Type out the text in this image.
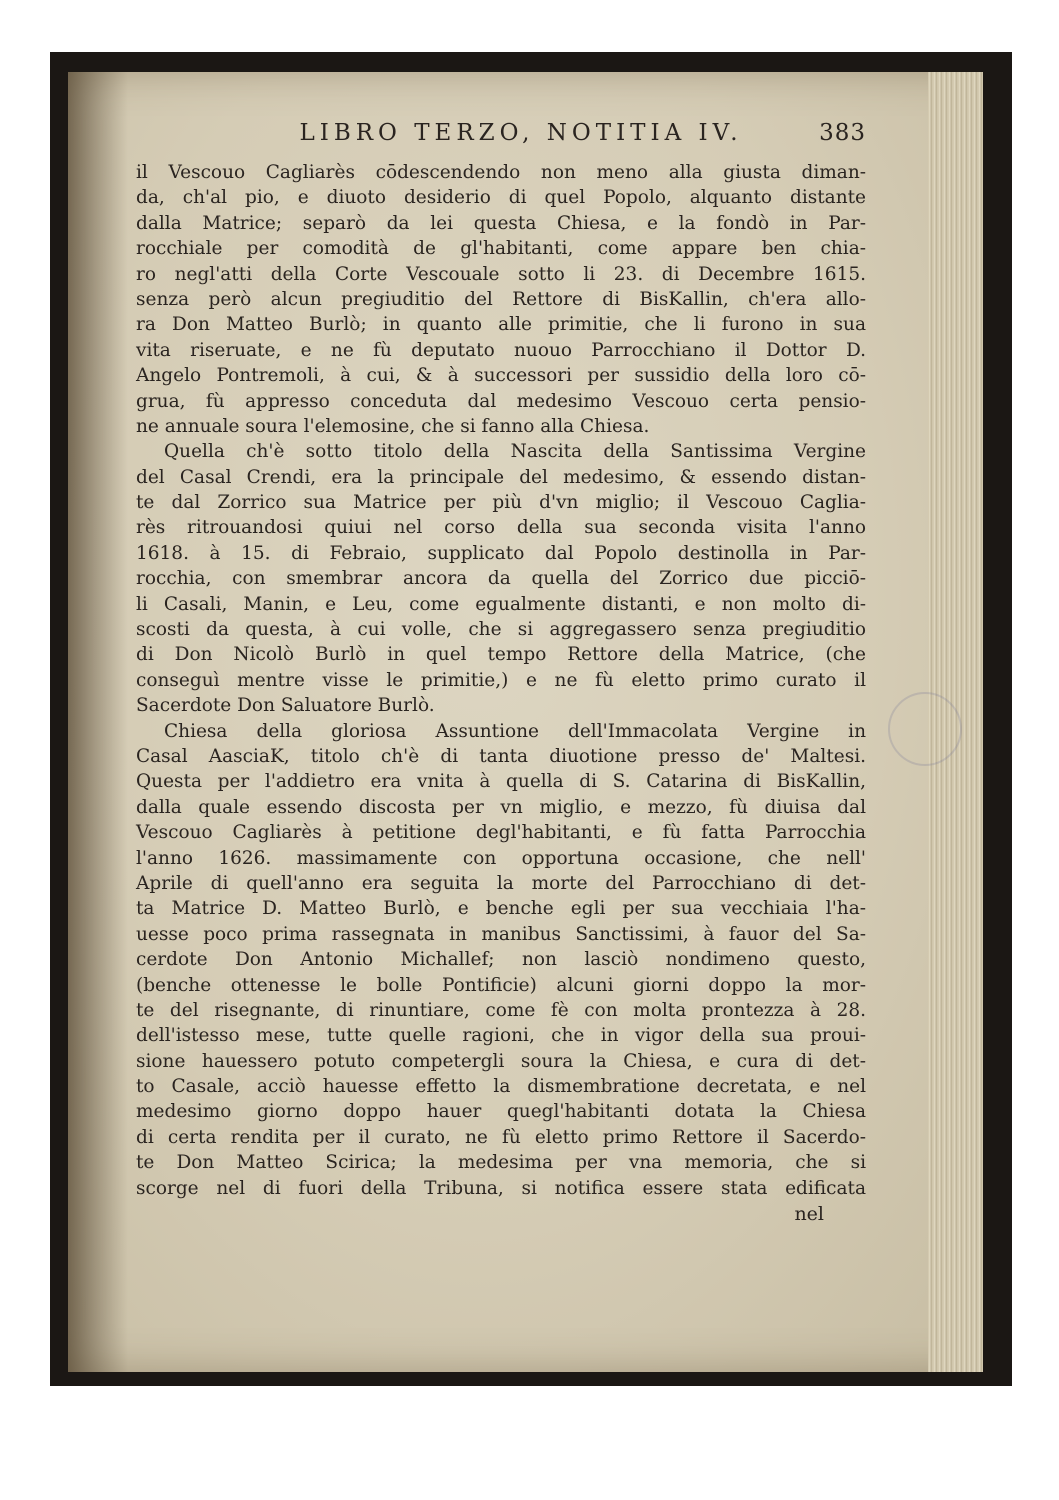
LIBRO TERZO, NOTITIA IV.	383
il Vescouo Cagliarès cōdescendendo non meno alla giusta diman-
da, ch'al pio, e diuoto desiderio di quel Popolo, alquanto distante
dalla Matrice; separò da lei questa Chiesa, e la fondò in Par-
rocchiale per comodità de gl'habitanti, come appare ben chia-
ro negl'atti della Corte Vescouale sotto li 23. di Decembre 1615.
senza però alcun pregiuditio del Rettore di BisKallin, ch'era allo-
ra Don Matteo Burlò; in quanto alle primitie, che li furono in sua
vita riseruate, e ne fù deputato nuouo Parrocchiano il Dottor D.
Angelo Pontremoli, à cui, & à successori per sussidio della loro cō-
grua, fù appresso conceduta dal medesimo Vescouo certa pensio-
ne annuale soura l'elemosine, che si fanno alla Chiesa.
Quella ch'è sotto titolo della Nascita della Santissima Vergine
del Casal Crendi, era la principale del medesimo, & essendo distan-
te dal Zorrico sua Matrice per più d'vn miglio; il Vescouo Caglia-
rès ritrouandosi quiui nel corso della sua seconda visita l'anno
1618. à 15. di Febraio, supplicato dal Popolo destinolla in Par-
rocchia, con smembrar ancora da quella del Zorrico due picciō-
li Casali, Manin, e Leu, come egualmente distanti, e non molto di-
scosti da questa, à cui volle, che si aggregassero senza pregiuditio
di Don Nicolò Burlò in quel tempo Rettore della Matrice, (che
conseguì mentre visse le primitie,) e ne fù eletto primo curato il
Sacerdote Don Saluatore Burlò.
Chiesa della gloriosa Assuntione dell'Immacolata Vergine in
Casal AasciaK, titolo ch'è di tanta diuotione presso de' Maltesi.
Questa per l'addietro era vnita à quella di S. Catarina di BisKallin,
dalla quale essendo discosta per vn miglio, e mezzo, fù diuisa dal
Vescouo Cagliarès à petitione degl'habitanti, e fù fatta Parrocchia
l'anno 1626. massimamente con opportuna occasione, che nell'
Aprile di quell'anno era seguita la morte del Parrocchiano di det-
ta Matrice D. Matteo Burlò, e benche egli per sua vecchiaia l'ha-
uesse poco prima rassegnata in manibus Sanctissimi, à fauor del Sa-
cerdote Don Antonio Michallef; non lasciò nondimeno questo,
(benche ottenesse le bolle Pontificie) alcuni giorni doppo la mor-
te del risegnante, di rinuntiare, come fè con molta prontezza à 28.
dell'istesso mese, tutte quelle ragioni, che in vigor della sua proui-
sione hauessero potuto competergli soura la Chiesa, e cura di det-
to Casale, acciò hauesse effetto la dismembratione decretata, e nel
medesimo giorno doppo hauer quegl'habitanti dotata la Chiesa
di certa rendita per il curato, ne fù eletto primo Rettore il Sacerdo-
te Don Matteo Scirica; la medesima per vna memoria, che si
scorge nel di fuori della Tribuna, si notifica essere stata edificata
nel
